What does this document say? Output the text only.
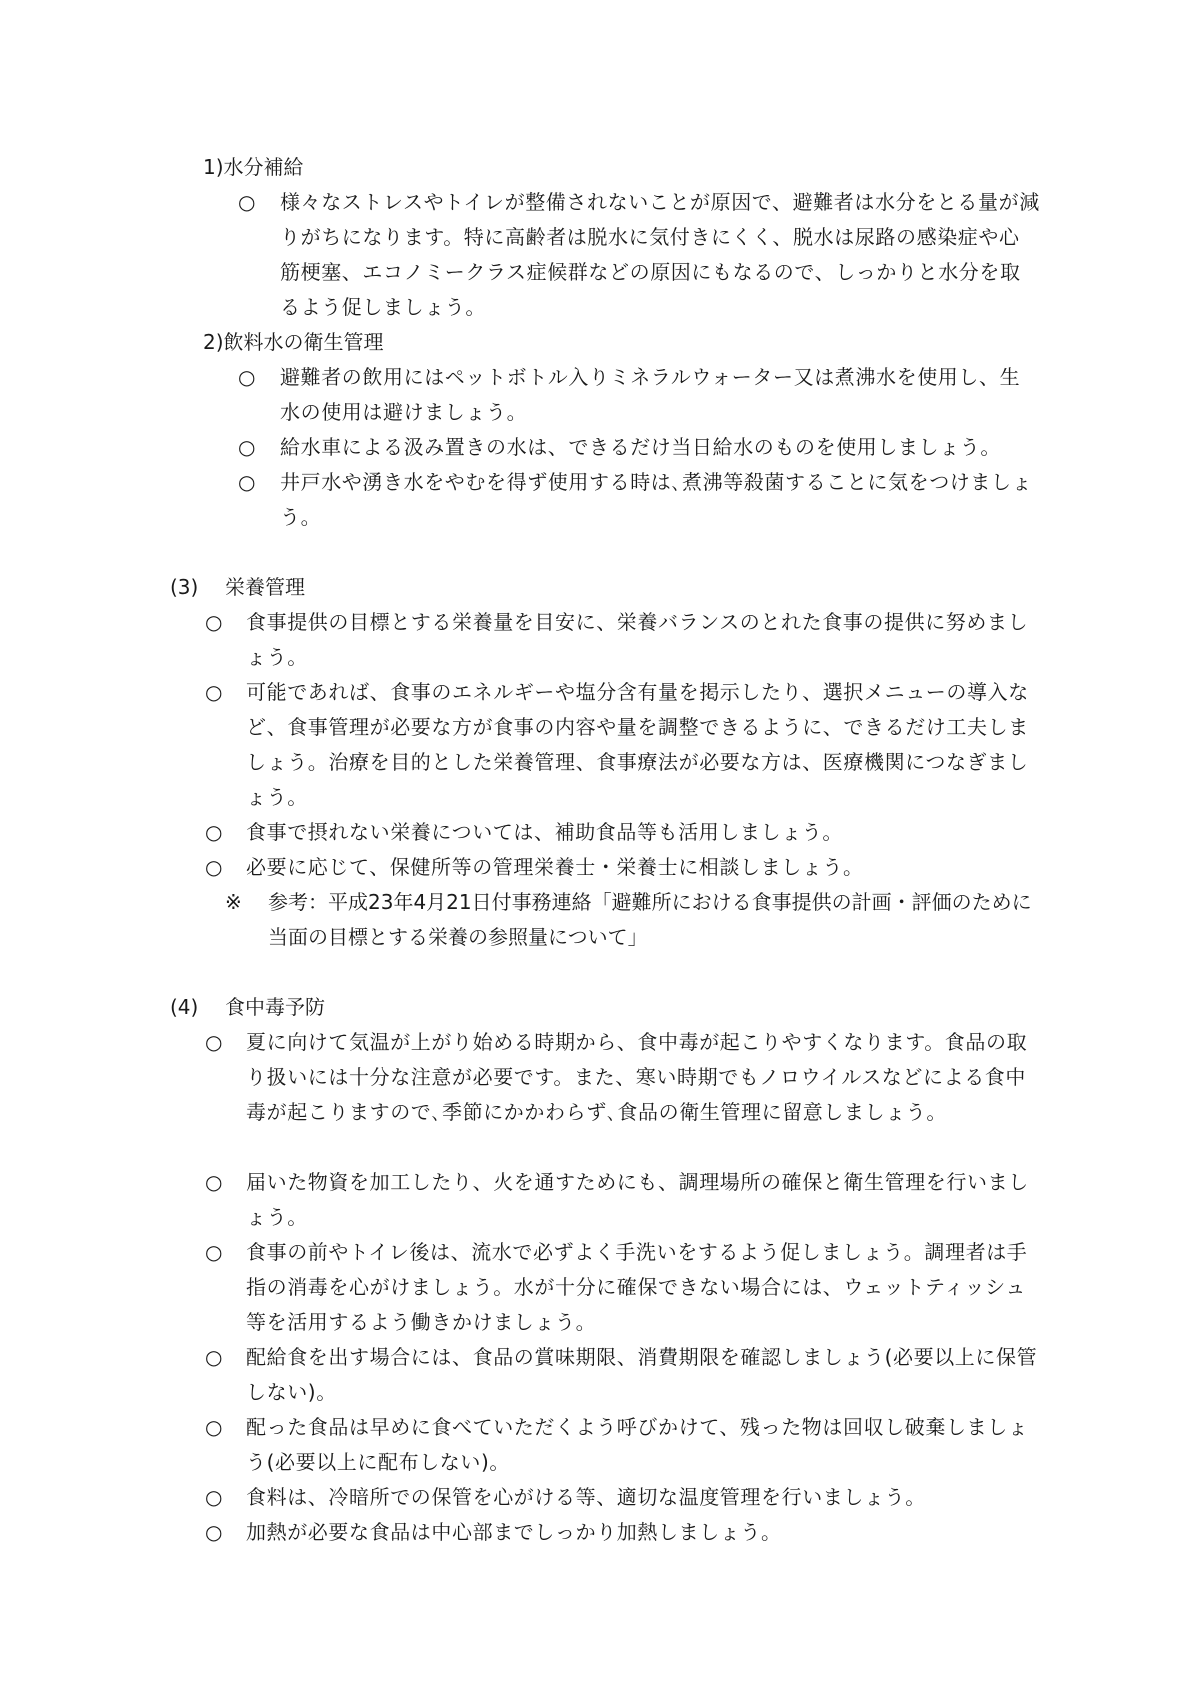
1)水分補給
○	様々なストレスやトイレが整備されないことが原因で、避難者は水分をとる量が減りがちになります。特に高齢者は脱水に気付きにくく、脱水は尿路の感染症や心筋梗塞、エコノミークラス症候群などの原因にもなるので、しっかりと水分を取るよう促しましょう。
2)飲料水の衛生管理
○	避難者の飲用にはペットボトル入りミネラルウォーター又は煮沸水を使用し、生水の使用は避けましょう。
○	給水車による汲み置きの水は、できるだけ当日給水のものを使用しましょう。
○	井戸水や湧き水をやむを得ず使用する時は､煮沸等殺菌することに気をつけましょう。
(3) 栄養管理
○	食事提供の目標とする栄養量を目安に、栄養バランスのとれた食事の提供に努めましょう。
○	可能であれば、食事のエネルギーや塩分含有量を掲示したり、選択メニューの導入など、食事管理が必要な方が食事の内容や量を調整できるように、できるだけ工夫しましょう。治療を目的とした栄養管理、食事療法が必要な方は、医療機関につなぎましょう。
○	食事で摂れない栄養については、補助食品等も活用しましょう。
○	必要に応じて、保健所等の管理栄養士・栄養士に相談しましょう。
※	参考：平成23年4月21日付事務連絡「避難所における食事提供の計画・評価のために当面の目標とする栄養の参照量について」
(4) 食中毒予防
○	夏に向けて気温が上がり始める時期から、食中毒が起こりやすくなります。食品の取り扱いには十分な注意が必要です。また、寒い時期でもノロウイルスなどによる食中毒が起こりますので､季節にかかわらず､食品の衛生管理に留意しましょう。
○	届いた物資を加工したり、火を通すためにも、調理場所の確保と衛生管理を行いましょう。
○	食事の前やトイレ後は、流水で必ずよく手洗いをするよう促しましょう。調理者は手指の消毒を心がけましょう。水が十分に確保できない場合には、ウェットティッシュ等を活用するよう働きかけましょう。
○	配給食を出す場合には、食品の賞味期限、消費期限を確認しましょう(必要以上に保管しない)。
○	配った食品は早めに食べていただくよう呼びかけて、残った物は回収し破棄しましょう(必要以上に配布しない)。
○	食料は、冷暗所での保管を心がける等、適切な温度管理を行いましょう。
○	加熱が必要な食品は中心部までしっかり加熱しましょう。
